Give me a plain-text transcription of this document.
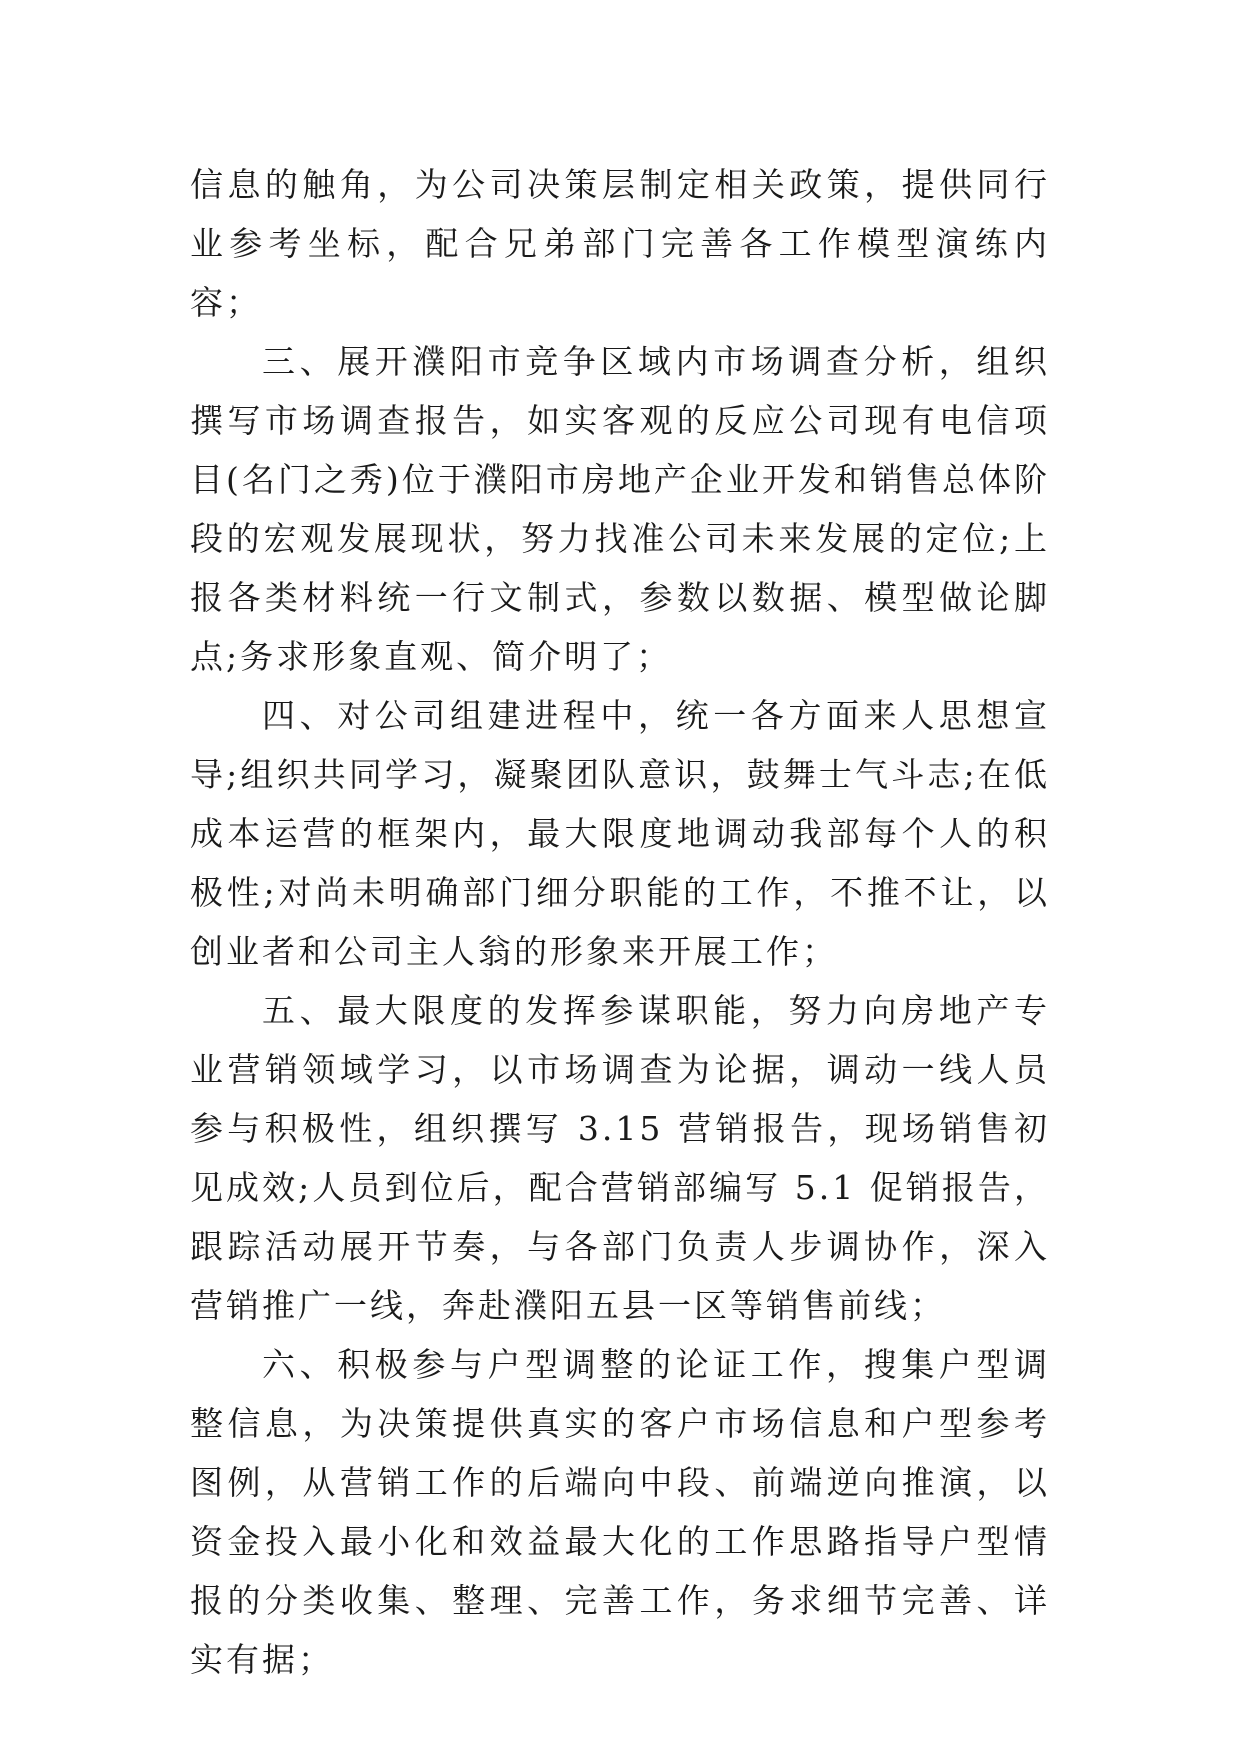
信息的触角，为公司决策层制定相关政策，提供同行业参考坐标，配合兄弟部门完善各工作模型演练内容；

三、展开濮阳市竞争区域内市场调查分析，组织撰写市场调查报告，如实客观的反应公司现有电信项目(名门之秀)位于濮阳市房地产企业开发和销售总体阶段的宏观发展现状，努力找准公司未来发展的定位;上报各类材料统一行文制式，参数以数据、模型做论脚点;务求形象直观、简介明了；

四、对公司组建进程中，统一各方面来人思想宣导;组织共同学习，凝聚团队意识，鼓舞士气斗志;在低成本运营的框架内，最大限度地调动我部每个人的积极性;对尚未明确部门细分职能的工作，不推不让，以创业者和公司主人翁的形象来开展工作；

五、最大限度的发挥参谋职能，努力向房地产专业营销领域学习，以市场调查为论据，调动一线人员参与积极性，组织撰写 3.15 营销报告，现场销售初见成效;人员到位后，配合营销部编写 5.1 促销报告，跟踪活动展开节奏，与各部门负责人步调协作，深入营销推广一线，奔赴濮阳五县一区等销售前线；

六、积极参与户型调整的论证工作，搜集户型调整信息，为决策提供真实的客户市场信息和户型参考图例，从营销工作的后端向中段、前端逆向推演，以资金投入最小化和效益最大化的工作思路指导户型情报的分类收集、整理、完善工作，务求细节完善、详实有据；
